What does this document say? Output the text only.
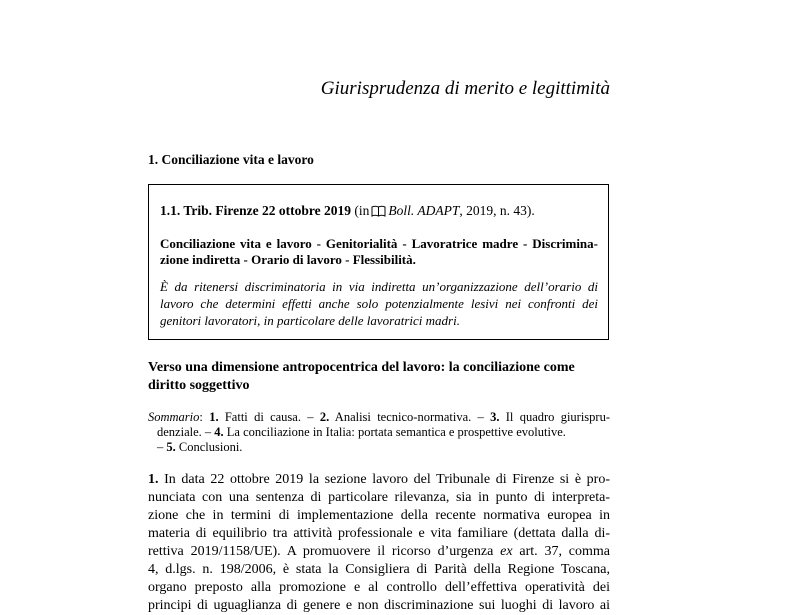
Giurisprudenza di merito e legittimità
1. Conciliazione vita e lavoro
1.1. Trib. Firenze 22 ottobre 2019 (in Boll. ADAPT, 2019, n. 43).
Conciliazione vita e lavoro - Genitorialità - Lavoratrice madre - Discrimina-
zione indiretta - Orario di lavoro - Flessibilità.
È da ritenersi discriminatoria in via indiretta un’organizzazione dell’orario di
lavoro che determini effetti anche solo potenzialmente lesivi nei confronti dei
genitori lavoratori, in particolare delle lavoratrici madri.
Verso una dimensione antropocentrica del lavoro: la conciliazione come diritto soggettivo
Sommario: 1. Fatti di causa. – 2. Analisi tecnico-normativa. – 3. Il quadro giurispru-
denziale. – 4. La conciliazione in Italia: portata semantica e prospettive evolutive.
– 5. Conclusioni.
1. In data 22 ottobre 2019 la sezione lavoro del Tribunale di Firenze si è pro-
nunciata con una sentenza di particolare rilevanza, sia in punto di interpreta-
zione che in termini di implementazione della recente normativa europea in
materia di equilibrio tra attività professionale e vita familiare (dettata dalla di-
rettiva 2019/1158/UE). A promuovere il ricorso d’urgenza ex art. 37, comma
4, d.lgs. n. 198/2006, è stata la Consigliera di Parità della Regione Toscana,
organo preposto alla promozione e al controllo dell’effettiva operatività dei
principi di uguaglianza di genere e non discriminazione sui luoghi di lavoro ai
